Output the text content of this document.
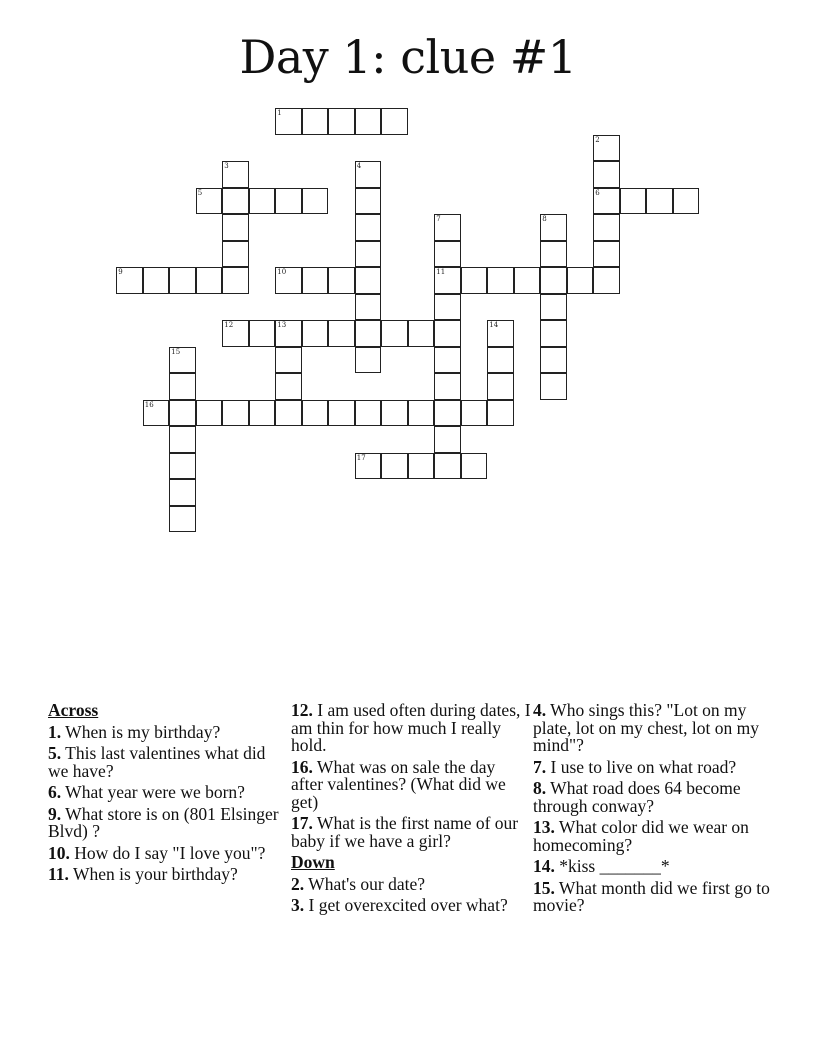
Day 1: clue #1
1
5	6
9	10	11
12	13
16
17
2
3	4
7	8
14
15
Across
1. When is my birthday?
5. This last valentines what did we have?
6. What year were we born?
9. What store is on (801 Elsinger Blvd) ?
10. How do I say "I love you"?
11. When is your birthday?
12. I am used often during dates, I am thin for how much I really hold.
16. What was on sale the day after valentines? (What did we get)
17. What is the first name of our baby if we have a girl?
Down
2. What's our date?
3. I get overexcited over what?
4. Who sings this? "Lot on my plate, lot on my chest, lot on my mind"?
7. I use to live on what road?
8. What road does 64 become through conway?
13. What color did we wear on homecoming?
14. *kiss _______*
15. What month did we first go to movie?
